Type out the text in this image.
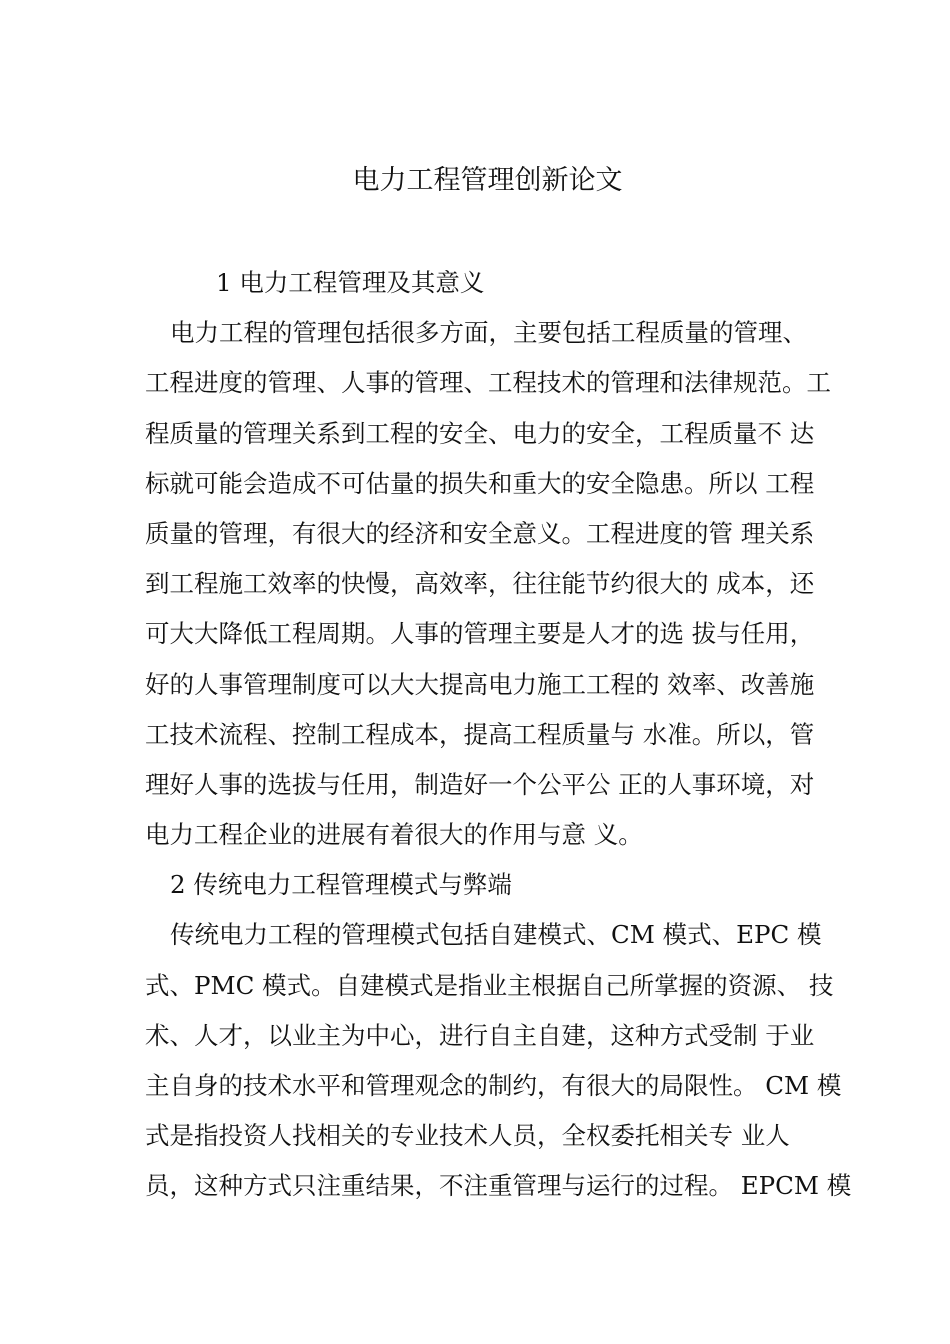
电力工程管理创新论文
1 电力工程管理及其意义
电力工程的管理包括很多方面，主要包括工程质量的管理、
工程进度的管理、人事的管理、工程技术的管理和法律规范。工
程质量的管理关系到工程的安全、电力的安全，工程质量不 达
标就可能会造成不可估量的损失和重大的安全隐患。所以 工程
质量的管理，有很大的经济和安全意义。工程进度的管 理关系
到工程施工效率的快慢，高效率，往往能节约很大的 成本，还
可大大降低工程周期。人事的管理主要是人才的选 拔与任用，
好的人事管理制度可以大大提高电力施工工程的 效率、改善施
工技术流程、控制工程成本，提高工程质量与 水准。所以，管
理好人事的选拔与任用，制造好一个公平公 正的人事环境，对
电力工程企业的进展有着很大的作用与意 义。
2 传统电力工程管理模式与弊端
传统电力工程的管理模式包括自建模式、CM 模式、EPC 模
式、PMC 模式。自建模式是指业主根据自己所掌握的资源、 技
术、人才，以业主为中心，进行自主自建，这种方式受制 于业
主自身的技术水平和管理观念的制约，有很大的局限性。 CM 模
式是指投资人找相关的专业技术人员，全权委托相关专 业人
员，这种方式只注重结果，不注重管理与运行的过程。 EPCM 模
